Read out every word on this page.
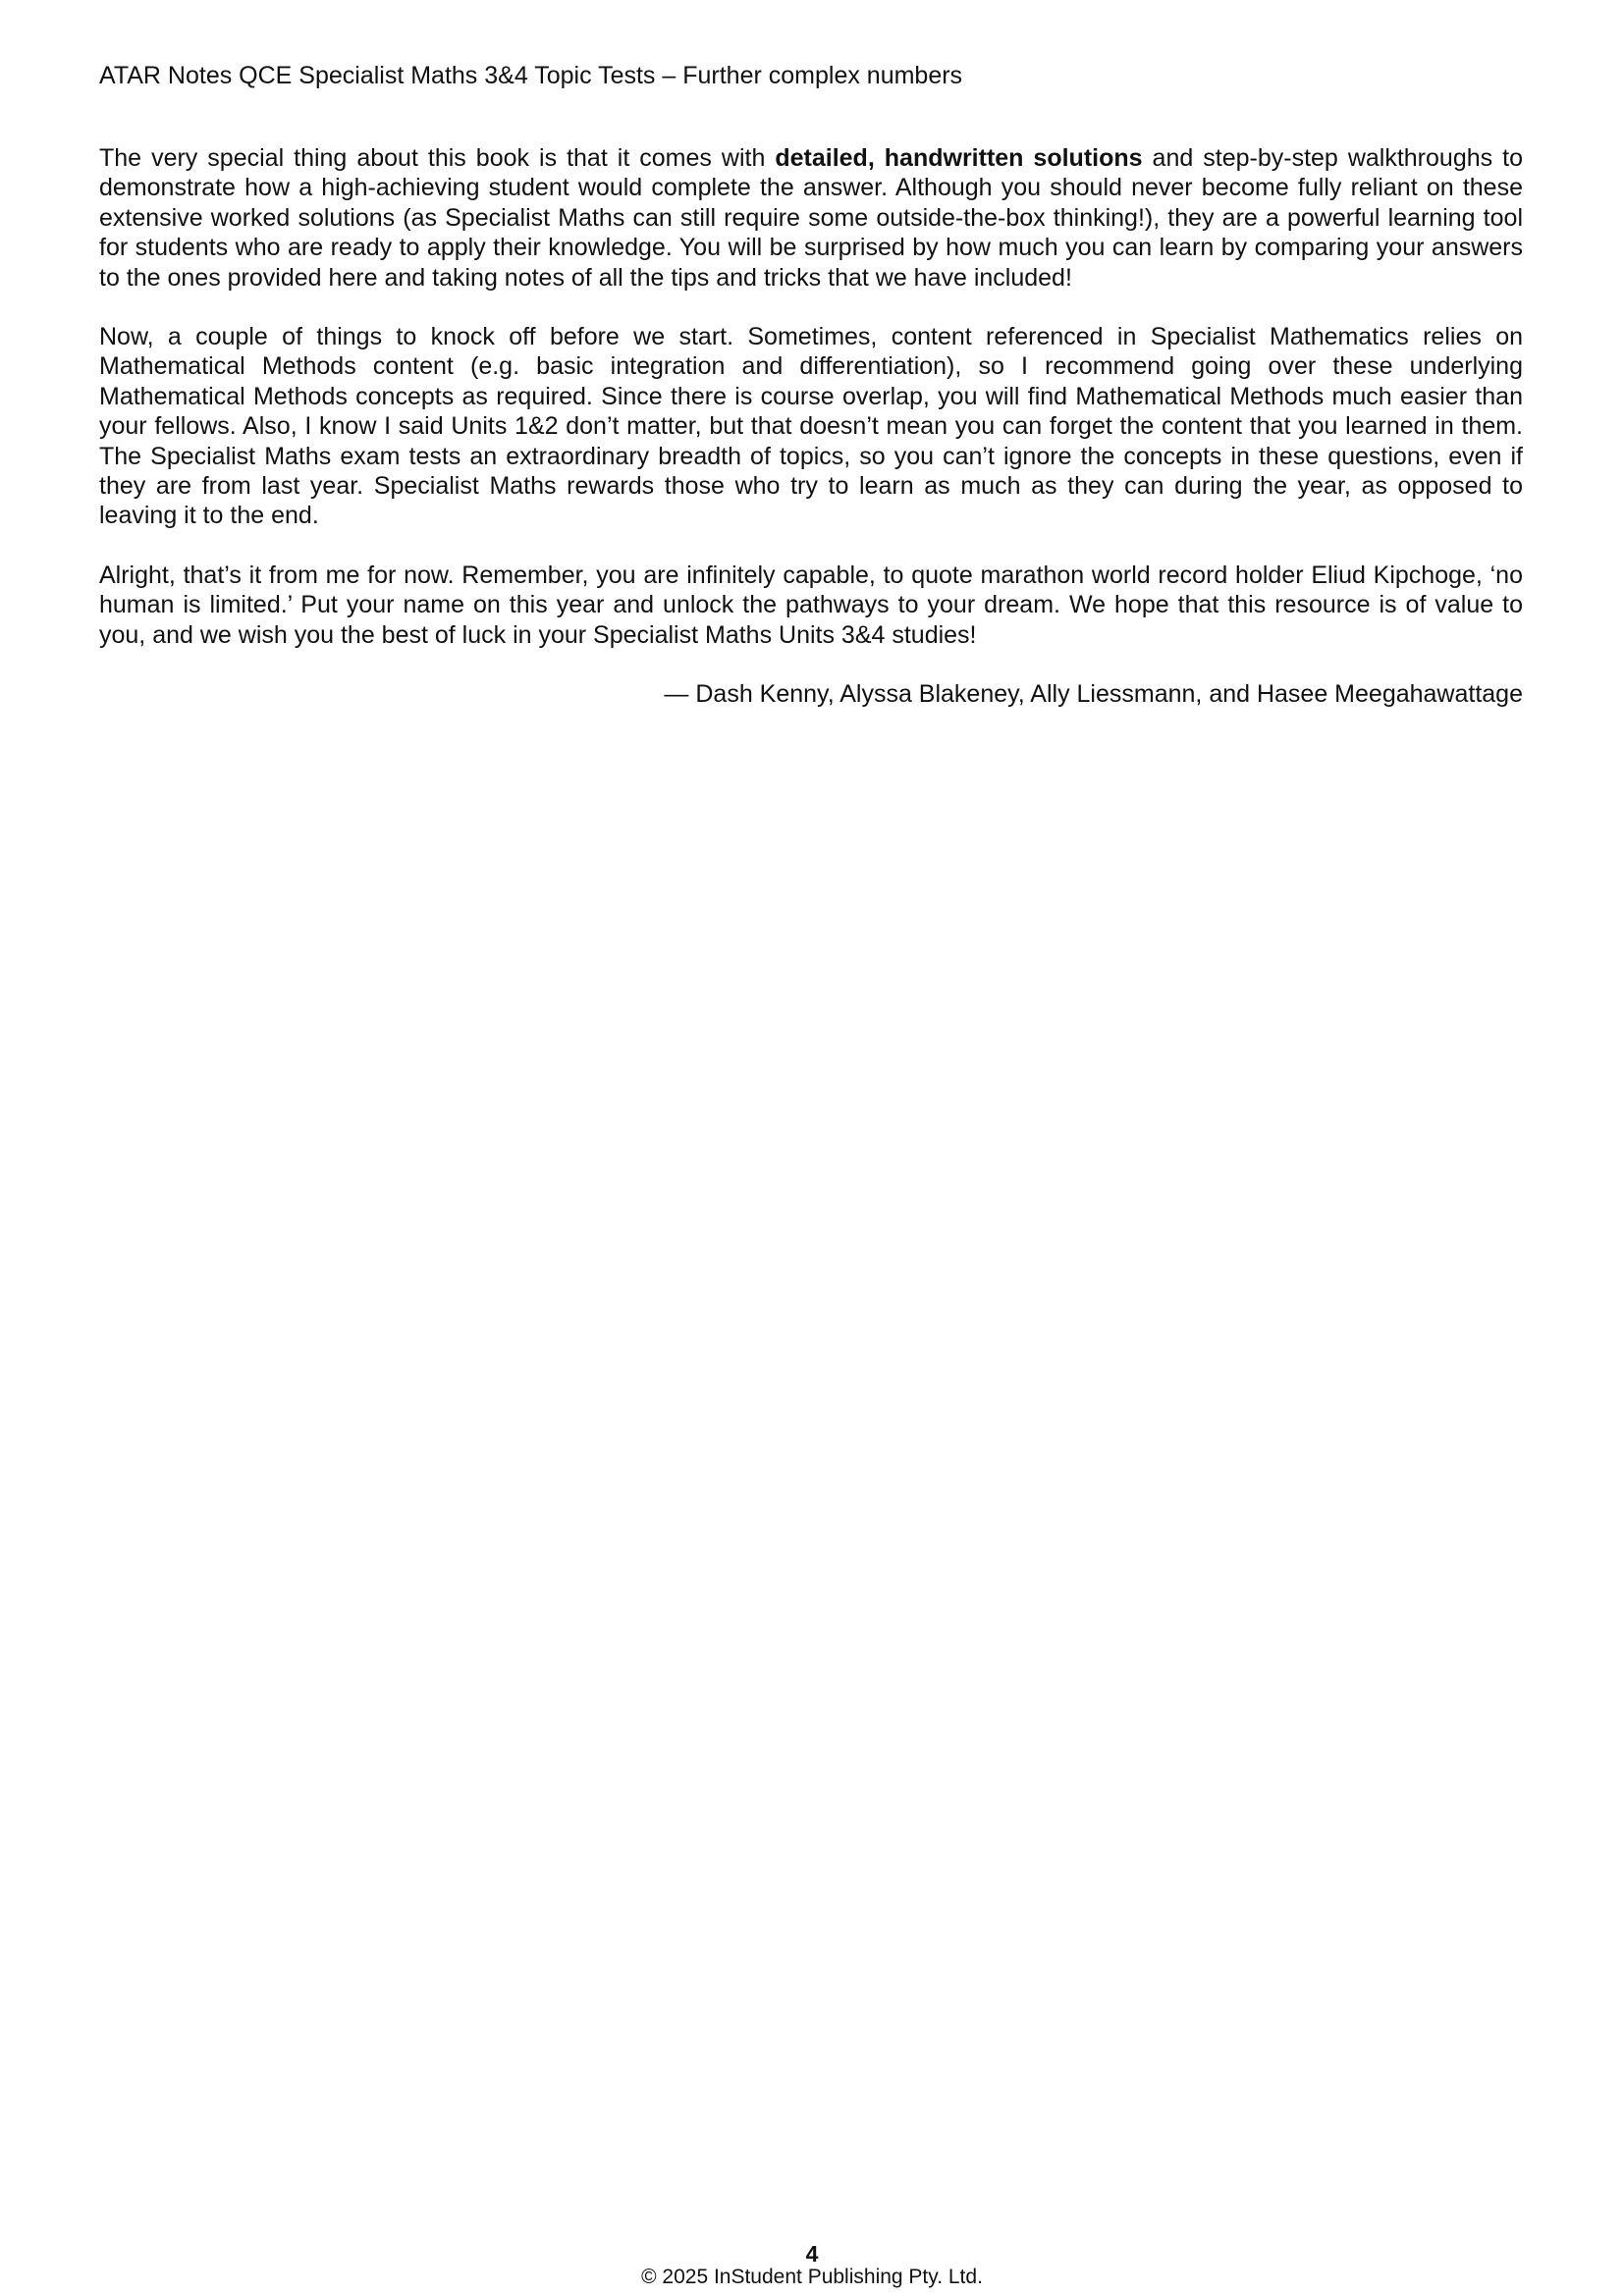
ATAR Notes QCE Specialist Maths 3&4 Topic Tests – Further complex numbers

The very special thing about this book is that it comes with detailed, handwritten solutions and step-by-step walkthroughs to demonstrate how a high-achieving student would complete the answer. Although you should never become fully reliant on these extensive worked solutions (as Specialist Maths can still require some outside-the-box thinking!), they are a powerful learning tool for students who are ready to apply their knowledge. You will be surprised by how much you can learn by comparing your answers to the ones provided here and taking notes of all the tips and tricks that we have included!

Now, a couple of things to knock off before we start. Sometimes, content referenced in Specialist Mathematics relies on Mathematical Methods content (e.g. basic integration and differentiation), so I recommend going over these underlying Mathematical Methods concepts as required. Since there is course overlap, you will find Mathematical Methods much easier than your fellows. Also, I know I said Units 1&2 don’t matter, but that doesn’t mean you can forget the content that you learned in them. The Specialist Maths exam tests an extraordinary breadth of topics, so you can’t ignore the concepts in these questions, even if they are from last year. Specialist Maths rewards those who try to learn as much as they can during the year, as opposed to leaving it to the end.

Alright, that’s it from me for now. Remember, you are infinitely capable, to quote marathon world record holder Eliud Kipchoge, ‘no human is limited.’ Put your name on this year and unlock the pathways to your dream. We hope that this resource is of value to you, and we wish you the best of luck in your Specialist Maths Units 3&4 studies!

— Dash Kenny, Alyssa Blakeney, Ally Liessmann, and Hasee Meegahawattage

4
© 2025 InStudent Publishing Pty. Ltd.
